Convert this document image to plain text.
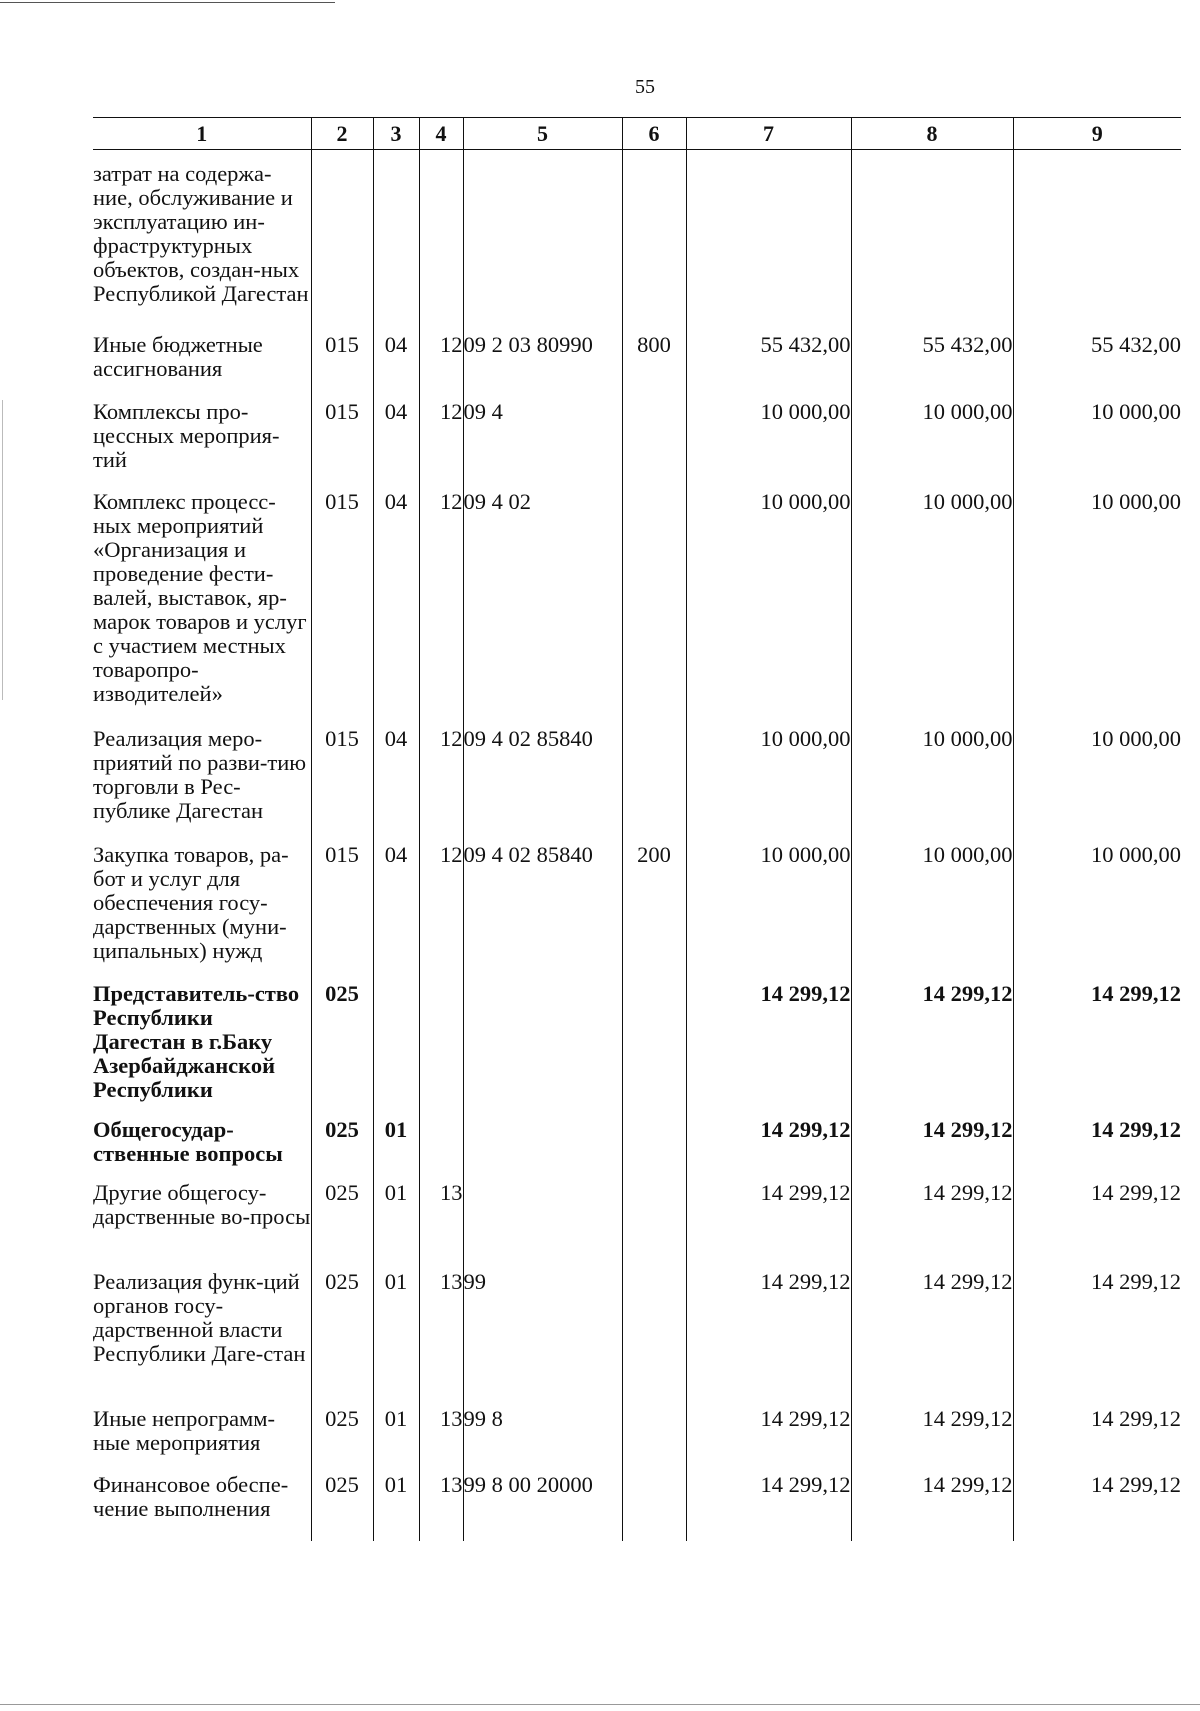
55
1	2	3	4	5	6	7	8	9
затрат на содержа-ние, обслуживание и эксплуатацию ин-фраструктурных объектов, создан-ных Республикой Дагестан								
Иные бюджетные ассигнования	015	04	12	09 2 03 80990	800	55 432,00	55 432,00	55 432,00
Комплексы про-цессных мероприя-тий	015	04	12	09 4		10 000,00	10 000,00	10 000,00
Комплекс процесс-ных мероприятий «Организация и проведение фести-валей, выставок, яр-марок товаров и услуг с участием местных товаропро-изводителей»	015	04	12	09 4 02		10 000,00	10 000,00	10 000,00
Реализация меро-приятий по разви-тию торговли в Рес-публике Дагестан	015	04	12	09 4 02 85840		10 000,00	10 000,00	10 000,00
Закупка товаров, ра-бот и услуг для обеспечения госу-дарственных (муни-ципальных) нужд	015	04	12	09 4 02 85840	200	10 000,00	10 000,00	10 000,00
Представитель-ство Республики Дагестан в г.Баку Азербайджанской Республики	025					14 299,12	14 299,12	14 299,12
Общегосудар-ственные вопросы	025	01				14 299,12	14 299,12	14 299,12
Другие общегосу-дарственные во-просы	025	01	13			14 299,12	14 299,12	14 299,12
Реализация функ-ций органов госу-дарственной власти Республики Даге-стан	025	01	13	99		14 299,12	14 299,12	14 299,12
Иные непрограмм-ные мероприятия	025	01	13	99 8		14 299,12	14 299,12	14 299,12
Финансовое обеспе-чение выполнения	025	01	13	99 8 00 20000		14 299,12	14 299,12	14 299,12
